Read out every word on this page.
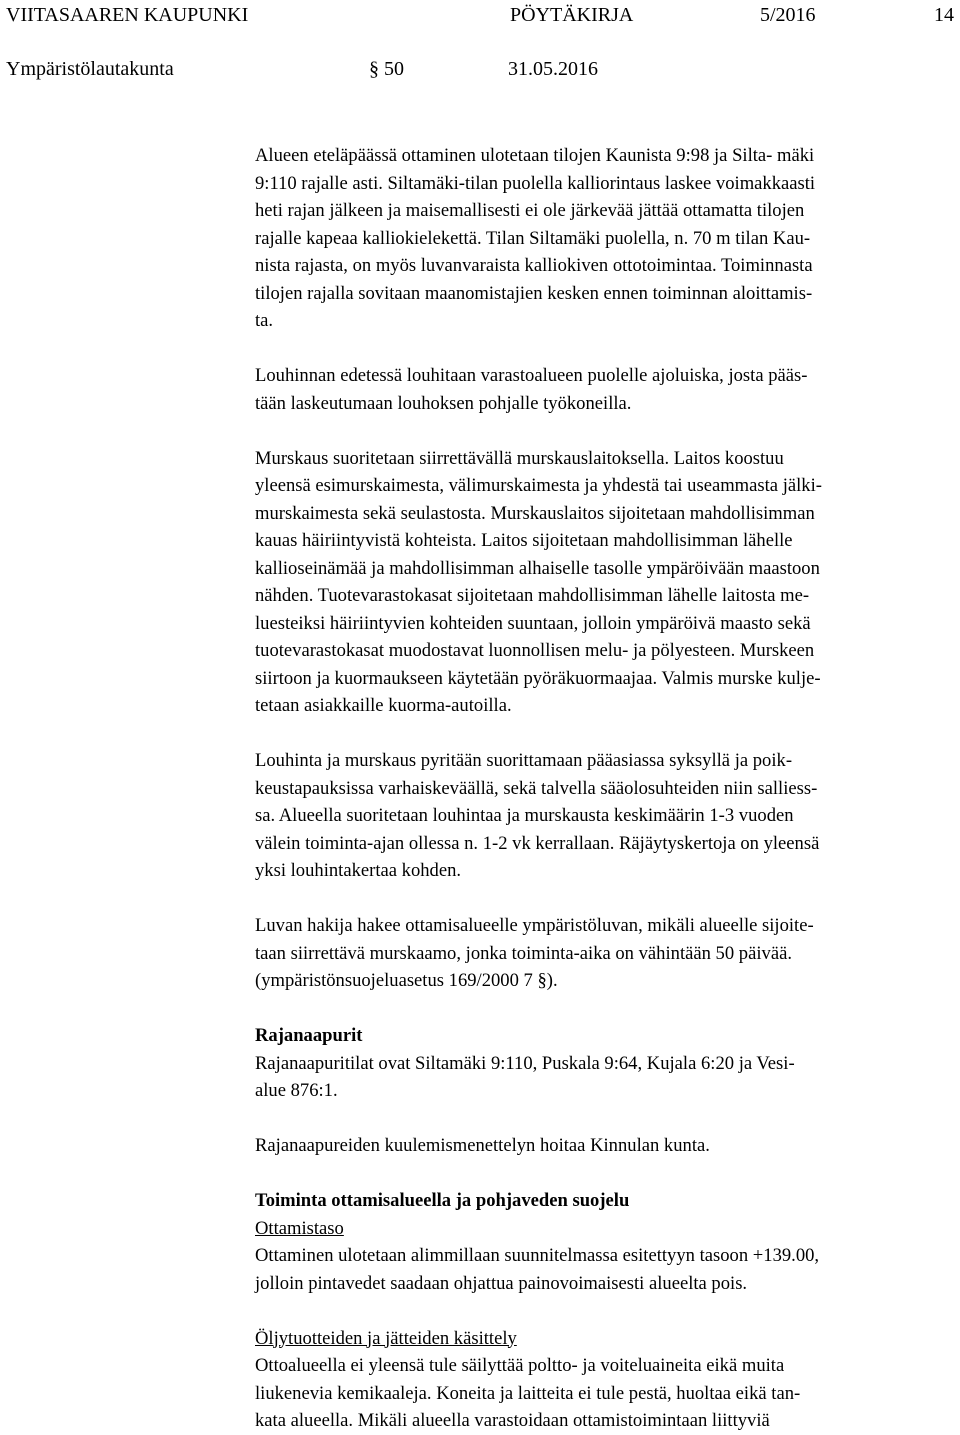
VIITASAAREN KAUPUNKI	PÖYTÄKIRJA	5/2016	14
Ympäristölautakunta	§ 50	31.05.2016
Alueen eteläpäässä ottaminen ulotetaan tilojen Kaunista 9:98 ja Silta- mäki
9:110 rajalle asti. Siltamäki-tilan puolella kalliorintaus laskee voimakkaasti
heti rajan jälkeen ja maisemallisesti ei ole järkevää jättää ottamatta tilojen
rajalle kapeaa kalliokielekettä. Tilan Siltamäki puolella, n. 70 m tilan Kau-
nista rajasta, on myös luvanvaraista kalliokiven ottotoimintaa. Toiminnasta
tilojen rajalla sovitaan maanomistajien kesken ennen toiminnan aloittamis-
ta.
Louhinnan edetessä louhitaan varastoalueen puolelle ajoluiska, josta pääs-
tään laskeutumaan louhoksen pohjalle työkoneilla.
Murskaus suoritetaan siirrettävällä murskauslaitoksella. Laitos koostuu
yleensä esimurskaimesta, välimurskaimesta ja yhdestä tai useammasta jälki-
murskaimesta sekä seulastosta. Murskauslaitos sijoitetaan mahdollisimman
kauas häiriintyvistä kohteista. Laitos sijoitetaan mahdollisimman lähelle
kallioseinämää ja mahdollisimman alhaiselle tasolle ympäröivään maastoon
nähden. Tuotevarastokasat sijoitetaan mahdollisimman lähelle laitosta me-
luesteiksi häiriintyvien kohteiden suuntaan, jolloin ympäröivä maasto sekä
tuotevarastokasat muodostavat luonnollisen melu- ja pölyesteen. Murskeen
siirtoon ja kuormaukseen käytetään pyöräkuormaajaa. Valmis murske kulje-
tetaan asiakkaille kuorma-autoilla.
Louhinta ja murskaus pyritään suorittamaan pääasiassa syksyllä ja poik-
keustapauksissa varhaiskeväällä, sekä talvella sääolosuhteiden niin salliess-
sa. Alueella suoritetaan louhintaa ja murskausta keskimäärin 1-3 vuoden
välein toiminta-ajan ollessa n. 1-2 vk kerrallaan. Räjäytyskertoja on yleensä
yksi louhintakertaa kohden.
Luvan hakija hakee ottamisalueelle ympäristöluvan, mikäli alueelle sijoite-
taan siirrettävä murskaamo, jonka toiminta-aika on vähintään 50 päivää.
(ympäristönsuojeluasetus 169/2000 7 §).
Rajanaapurit
Rajanaapuritilat ovat Siltamäki 9:110, Puskala 9:64, Kujala 6:20 ja Vesi-
alue 876:1.
Rajanaapureiden kuulemismenettelyn hoitaa Kinnulan kunta.
Toiminta ottamisalueella ja pohjaveden suojelu
Ottamistaso
Ottaminen ulotetaan alimmillaan suunnitelmassa esitettyyn tasoon +139.00,
jolloin pintavedet saadaan ohjattua painovoimaisesti alueelta pois.
Öljytuotteiden ja jätteiden käsittely
Ottoalueella ei yleensä tule säilyttää poltto- ja voiteluaineita eikä muita
liukenevia kemikaaleja. Koneita ja laitteita ei tule pestä, huoltaa eikä tan-
kata alueella. Mikäli alueella varastoidaan ottamistoimintaan liittyviä
